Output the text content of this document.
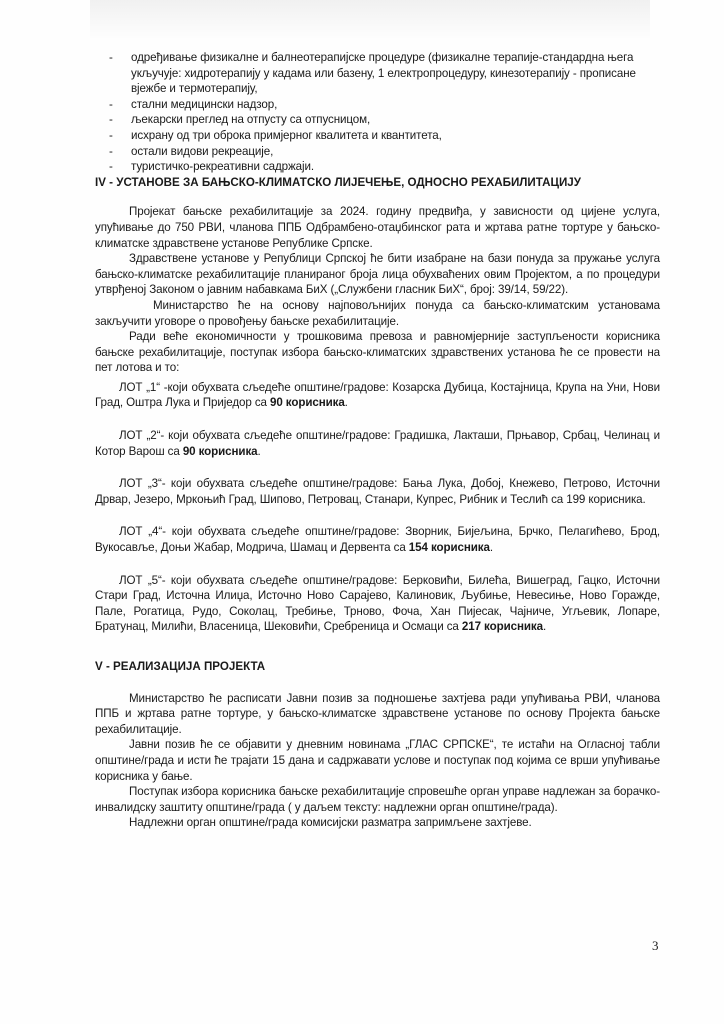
- одређивање физикалне и балнеотерапијске процедуре (физикалне терапије-стандардна њега укључује: хидротерапију у кадама или базену, 1 електропроцедуру, кинезотерапију - прописане вјежбе и термотерапију,
- стални медицински надзор,
- љекарски преглед на отпусту са отпусницом,
- исхрану од три оброка примјерног квалитета и квантитета,
- остали видови рекреације,
- туристичко-рекреативни садржаји.
IV - УСТАНОВЕ ЗА БАЊСКО-КЛИМАТСКО ЛИЈЕЧЕЊЕ, ОДНОСНО РЕХАБИЛИТАЦИЈУ

Пројекат бањске рехабилитације за 2024. годину предвиђа, у зависности од цијене услуга, упућивање до 750 РВИ, чланова ППБ Одбрамбено-отаџбинског рата и жртава ратне тортуре у бањско-климатске здравствене установе Републике Српске.

Здравствене установе у Републици Српској ће бити изабране на бази понуда за пружање услуга бањско-климатске рехабилитације планираног броја лица обухваћених овим Пројектом, а по процедури утврђеној Законом о јавним набавкама БиХ („Службени гласник БиХ“, број: 39/14, 59/22).

Министарство ће на основу најповољнијих понуда са бањско-климатским установама закључити уговоре о провођењу бањске рехабилитације.

Ради веће економичности у трошковима превоза и равномјерније заступљености корисника бањске рехабилитације, поступак избора бањско-климатских здравствених установа ће се провести на пет лотова и то:

ЛОТ „1“ -који обухвата сљедеће општине/градове: Козарска Дубица, Костајница, Крупа на Уни, Нови Град, Оштра Лука и Приједор са 90 корисника.

ЛОТ „2“- који обухвата сљедеће општине/градове: Градишка, Лакташи, Прњавор, Србац, Челинац и Котор Варош са 90 корисника.

ЛОТ „3“- који обухвата сљедеће општине/градове: Бања Лука, Добој, Кнежево, Петрово, Источни Дрвар, Језеро, Мркоњић Град, Шипово, Петровац, Станари, Купрес, Рибник и Теслић са 199 корисника.

ЛОТ „4“- који обухвата сљедеће општине/градове: Зворник, Бијељина, Брчко, Пелагићево, Брод, Вукосавље, Доњи Жабар, Модрича, Шамац и Дервента са 154 корисника.

ЛОТ „5“- који обухвата сљедеће општине/градове: Берковићи, Билећа, Вишеград, Гацко, Источни Стари Град, Источна Илиџа, Источно Ново Сарајево, Калиновик, Љубиње, Невесиње, Ново Горажде, Пале, Рогатица, Рудо, Соколац, Требиње, Трново, Фоча, Хан Пијесак, Чајниче, Угљевик, Лопаре, Братунац, Милићи, Власеница, Шековићи, Сребреница и Осмаци са 217 корисника.

V - РЕАЛИЗАЦИЈА ПРОЈЕКТА

Министарство ће расписати Јавни позив за подношење захтјева ради упућивања РВИ, чланова ППБ и жртава ратне тортуре, у бањско-климатске здравствене установе по основу Пројекта бањске рехабилитације.

Јавни позив ће се објавити у дневним новинама „ГЛАС СРПСКЕ“, те истаћи на Огласној табли општине/града и исти ће трајати 15 дана и садржавати услове и поступак под којима се врши упућивање корисника у бање.

Поступак избора корисника бањске рехабилитације спровешће орган управе надлежан за борачко-инвалидску заштиту општине/града ( у даљем тексту: надлежни орган општине/града).

Надлежни орган општине/града комисијски разматра запримљене захтјеве.

3
